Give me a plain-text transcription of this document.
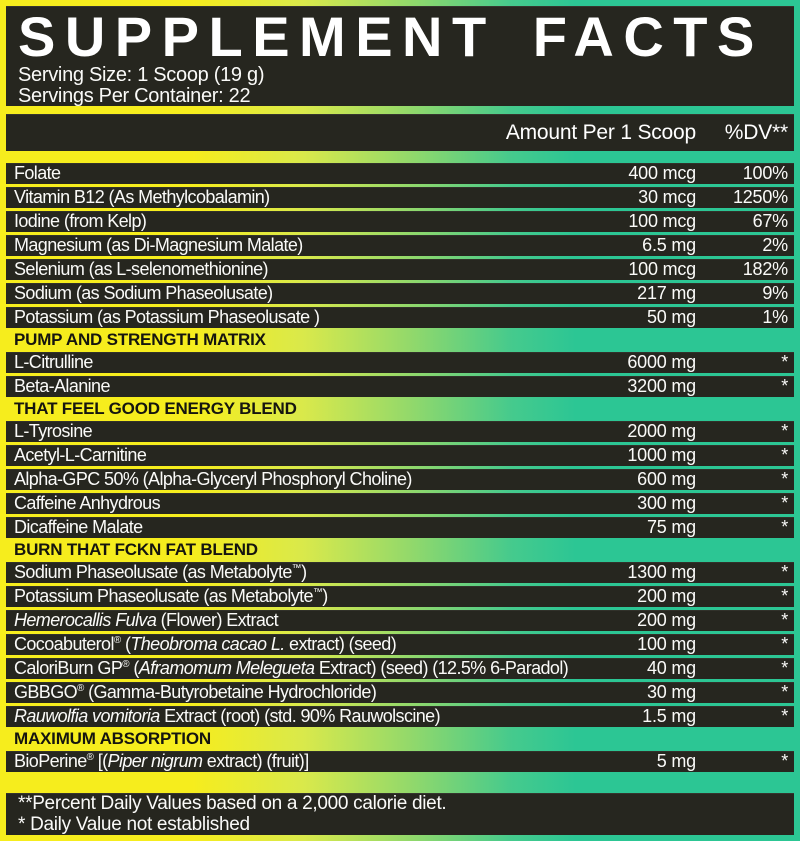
SUPPLEMENT FACTS
Serving Size: 1 Scoop (19 g)
Servings Per Container: 22
Amount Per 1 Scoop	%DV**
Folate	400 mcg	100%
Vitamin B12 (As Methylcobalamin)	30 mcg	1250%
Iodine (from Kelp)	100 mcg	67%
Magnesium (as Di-Magnesium Malate)	6.5 mg	2%
Selenium (as L-selenomethionine)	100 mcg	182%
Sodium (as Sodium Phaseolusate)	217 mg	9%
Potassium (as Potassium Phaseolusate )	50 mg	1%
PUMP AND STRENGTH MATRIX
L-Citrulline	6000 mg	*
Beta-Alanine	3200 mg	*
THAT FEEL GOOD ENERGY BLEND
L-Tyrosine	2000 mg	*
Acetyl-L-Carnitine	1000 mg	*
Alpha-GPC 50% (Alpha-Glyceryl Phosphoryl Choline)	600 mg	*
Caffeine Anhydrous	300 mg	*
Dicaffeine Malate	75 mg	*
BURN THAT FCKN FAT BLEND
Sodium Phaseolusate (as Metabolyte™)	1300 mg	*
Potassium Phaseolusate (as Metabolyte™)	200 mg	*
Hemerocallis Fulva (Flower) Extract	200 mg	*
Cocoabuterol® (Theobroma cacao L. extract) (seed)	100 mg	*
CaloriBurn GP® (Aframomum Melegueta Extract) (seed) (12.5% 6-Paradol)	40 mg	*
GBBGO® (Gamma-Butyrobetaine Hydrochloride)	30 mg	*
Rauwolfia vomitoria Extract (root) (std. 90% Rauwolscine)	1.5 mg	*
MAXIMUM ABSORPTION
BioPerine® [(Piper nigrum extract) (fruit)]	5 mg	*
**Percent Daily Values based on a 2,000 calorie diet.
* Daily Value not established
